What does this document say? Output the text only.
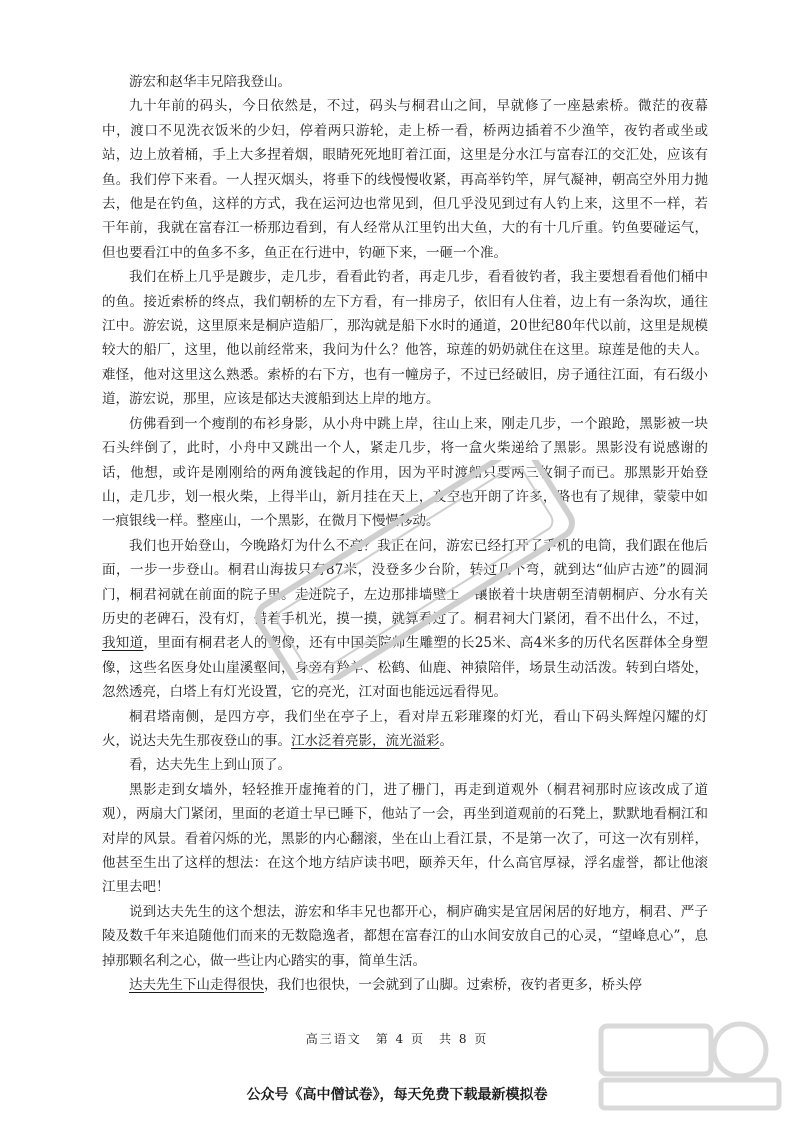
游宏和赵华丰兄陪我登山。

九十年前的码头，今日依然是，不过，码头与桐君山之间，早就修了一座悬索桥。微茫的夜幕中，渡口不见洗衣饭米的少妇，停着两只游轮，走上桥一看，桥两边插着不少渔竿，夜钓者或坐或站，边上放着桶，手上大多捏着烟，眼睛死死地盯着江面，这里是分水江与富春江的交汇处，应该有鱼。我们停下来看。一人捏灭烟头，将垂下的线慢慢收紧，再高举钓竿，屏气凝神，朝高空外用力抛去，他是在钓鱼，这样的方式，我在运河边也常见到，但几乎没见到过有人钓上来，这里不一样，若干年前，我就在富春江一桥那边看到，有人经常从江里钓出大鱼，大的有十几斤重。钓鱼要碰运气，但也要看江中的鱼多不多，鱼正在行进中，钓砸下来，一砸一个准。

我们在桥上几乎是踱步，走几步，看看此钓者，再走几步，看看彼钓者，我主要想看看他们桶中的鱼。接近索桥的终点，我们朝桥的左下方看，有一排房子，依旧有人住着，边上有一条沟坎，通往江中。游宏说，这里原来是桐庐造船厂，那沟就是船下水时的通道，20世纪80年代以前，这里是规模较大的船厂，这里，他以前经常来，我问为什么？他答，琼莲的奶奶就住在这里。琼莲是他的夫人。难怪，他对这里这么熟悉。索桥的右下方，也有一幢房子，不过已经破旧，房子通往江面，有石级小道，游宏说，那里，应该是郁达夫渡船到达上岸的地方。

仿佛看到一个瘦削的布衫身影，从小舟中跳上岸，往山上来，刚走几步，一个踉跄，黑影被一块石头绊倒了，此时，小舟中又跳出一个人，紧走几步，将一盒火柴递给了黑影。黑影没有说感谢的话，他想，或许是刚刚给的两角渡钱起的作用，因为平时渡船只要两三枚铜子而已。那黑影开始登山，走几步，划一根火柴，上得半山，新月挂在天上，夜空也开朗了许多，路也有了规律，蒙蒙中如一痕银线一样。整座山，一个黑影，在微月下慢慢移动。

我们也开始登山，今晚路灯为什么不亮？我正在问，游宏已经打开了手机的电筒，我们跟在他后面，一步一步登山。桐君山海拔只有87米，没登多少台阶，转过几个弯，就到达“仙庐古迹”的圆洞门，桐君祠就在前面的院子里。走进院子，左边那排墙壁上，镶嵌着十块唐朝至清朝桐庐、分水有关历史的老碑石，没有灯，借着手机光，摸一摸，就算看过了。桐君祠大门紧闭，看不出什么，不过，我知道，里面有桐君老人的塑像，还有中国美院师生雕塑的长25米、高4米多的历代名医群体全身塑像，这些名医身处山崖溪壑间，身旁有羚羊、松鹤、仙鹿、神猿陪伴，场景生动活泼。转到白塔处，忽然透亮，白塔上有灯光设置，它的亮光，江对面也能远远看得见。

桐君塔南侧，是四方亭，我们坐在亭子上，看对岸五彩璀璨的灯光，看山下码头辉煌闪耀的灯火，说达夫先生那夜登山的事。江水泛着亮影，流光溢彩。

看，达夫先生上到山顶了。

黑影走到女墙外，轻轻推开虚掩着的门，进了栅门，再走到道观外（桐君祠那时应该改成了道观），两扇大门紧闭，里面的老道士早已睡下，他站了一会，再坐到道观前的石凳上，默默地看桐江和对岸的风景。看着闪烁的光，黑影的内心翻滚，坐在山上看江景，不是第一次了，可这一次有别样，他甚至生出了这样的想法：在这个地方结庐读书吧，颐养天年，什么高官厚禄，浮名虚誉，都让他滚江里去吧！

说到达夫先生的这个想法，游宏和华丰兄也都开心，桐庐确实是宜居闲居的好地方，桐君、严子陵及数千年来追随他们而来的无数隐逸者，都想在富春江的山水间安放自己的心灵，“望峰息心”，息掉那颗名利之心，做一些让内心踏实的事，简单生活。

达夫先生下山走得很快，我们也很快，一会就到了山脚。过索桥，夜钓者更多，桥头停

高三语文　第 4 页　共 8 页
公众号《高中僧试卷》，每天免费下载最新模拟卷
